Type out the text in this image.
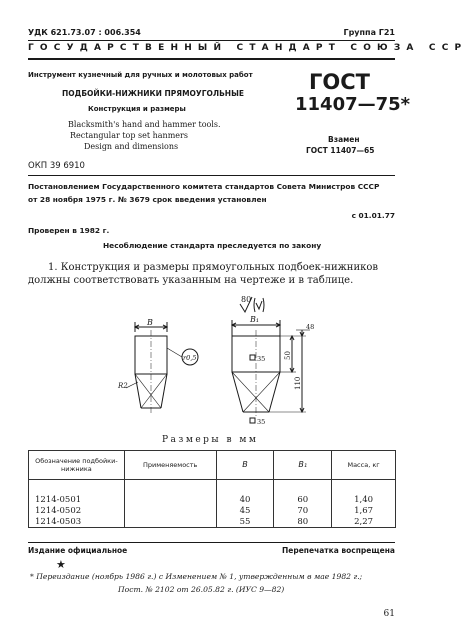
УДК 621.73.07 : 006.354	Группа Г21
ГОСУДАРСТВЕННЫЙ СТАНДАРТ СОЮЗА ССР
Инструмент кузнечный для ручных и молотовых работ
ПОДБОЙКИ-НИЖНИКИ ПРЯМОУГОЛЬНЫЕ
Конструкция и размеры
Blacksmith's hand and hammer tools.
Rectangular top set hanmers
Design and dimensions
ОКП 39 6910
ГОСТ
11407—75*
Взамен
ГОСТ 11407—65
Постановлением Государственного комитета стандартов Совета Министров СССР
от 28 ноября 1975 г. № 3679 срок введения установлен
с 01.01.77
Проверен в 1982 г.
Несоблюдение стандарта преследуется по закону
1. Конструкция и размеры прямоугольных подбоек-нижников
должны соответствовать указанным на чертеже и в таблице.
80
B
R2
r0,5
B₁
35
35
50
110
48
Размеры в мм
Обозначение подбойки-нижника	Применяемость	B	B₁	Масса, кг
1214-0501		40	60	1,40
1214-0502		45	70	1,67
1214-0503		55	80	2,27
Издание официальное	Перепечатка воспрещена
★
* Переиздание (ноябрь 1986 г.) с Изменением № 1, утвержденным в мае 1982 г.;
Пост. № 2102 от 26.05.82 г. (ИУС 9—82)
61
